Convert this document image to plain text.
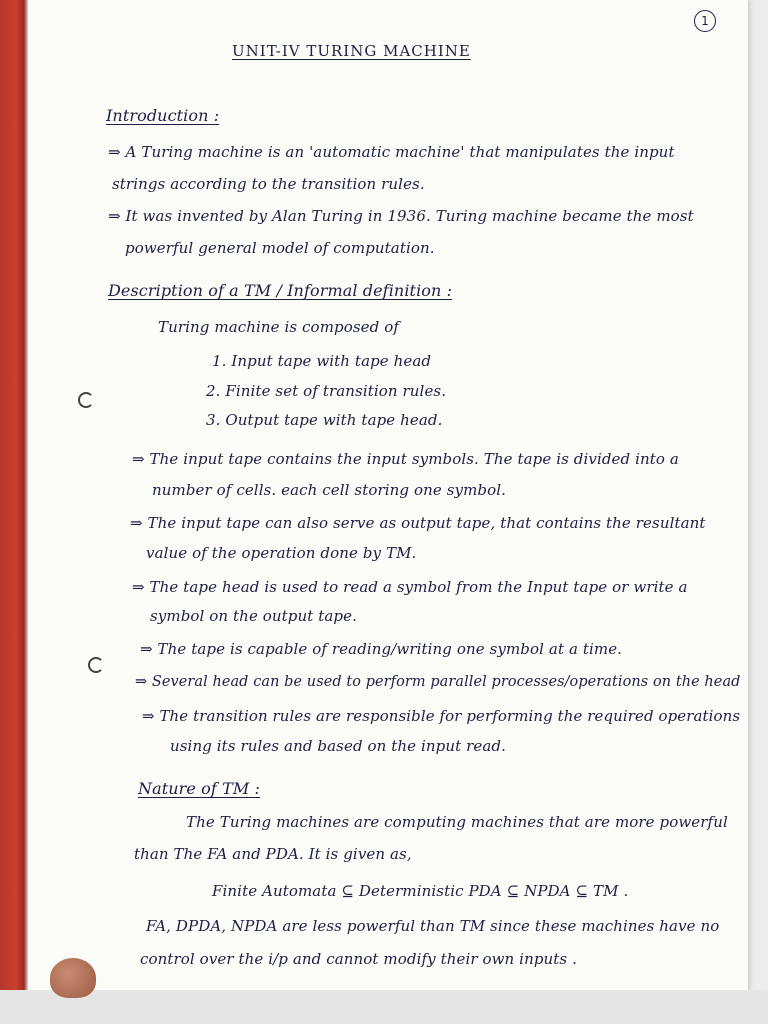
1
UNIT-IV TURING MACHINE
Introduction :
⇒ A Turing machine is an 'automatic machine' that manipulates the input
strings according to the transition rules.
⇒ It was invented by Alan Turing in 1936. Turing machine became the most
powerful general model of computation.
Description of a TM / Informal definition :
Turing machine is composed of
1. Input tape with tape head
2. Finite set of transition rules.
3. Output tape with tape head.
⇒ The input tape contains the input symbols. The tape is divided into a
number of cells. each cell storing one symbol.
⇒ The input tape can also serve as output tape, that contains the resultant
value of the operation done by TM.
⇒ The tape head is used to read a symbol from the Input tape or write a
symbol on the output tape.
⇒ The tape is capable of reading/writing one symbol at a time.
⇒ Several head can be used to perform parallel processes/operations on the head
⇒ The transition rules are responsible for performing the required operations
using its rules and based on the input read.
Nature of TM :
The Turing machines are computing machines that are more powerful
than The FA and PDA. It is given as,
Finite Automata ⊆ Deterministic PDA ⊆ NPDA ⊆ TM .
FA, DPDA, NPDA are less powerful than TM since these machines have no
control over the i/p and cannot modify their own inputs .
